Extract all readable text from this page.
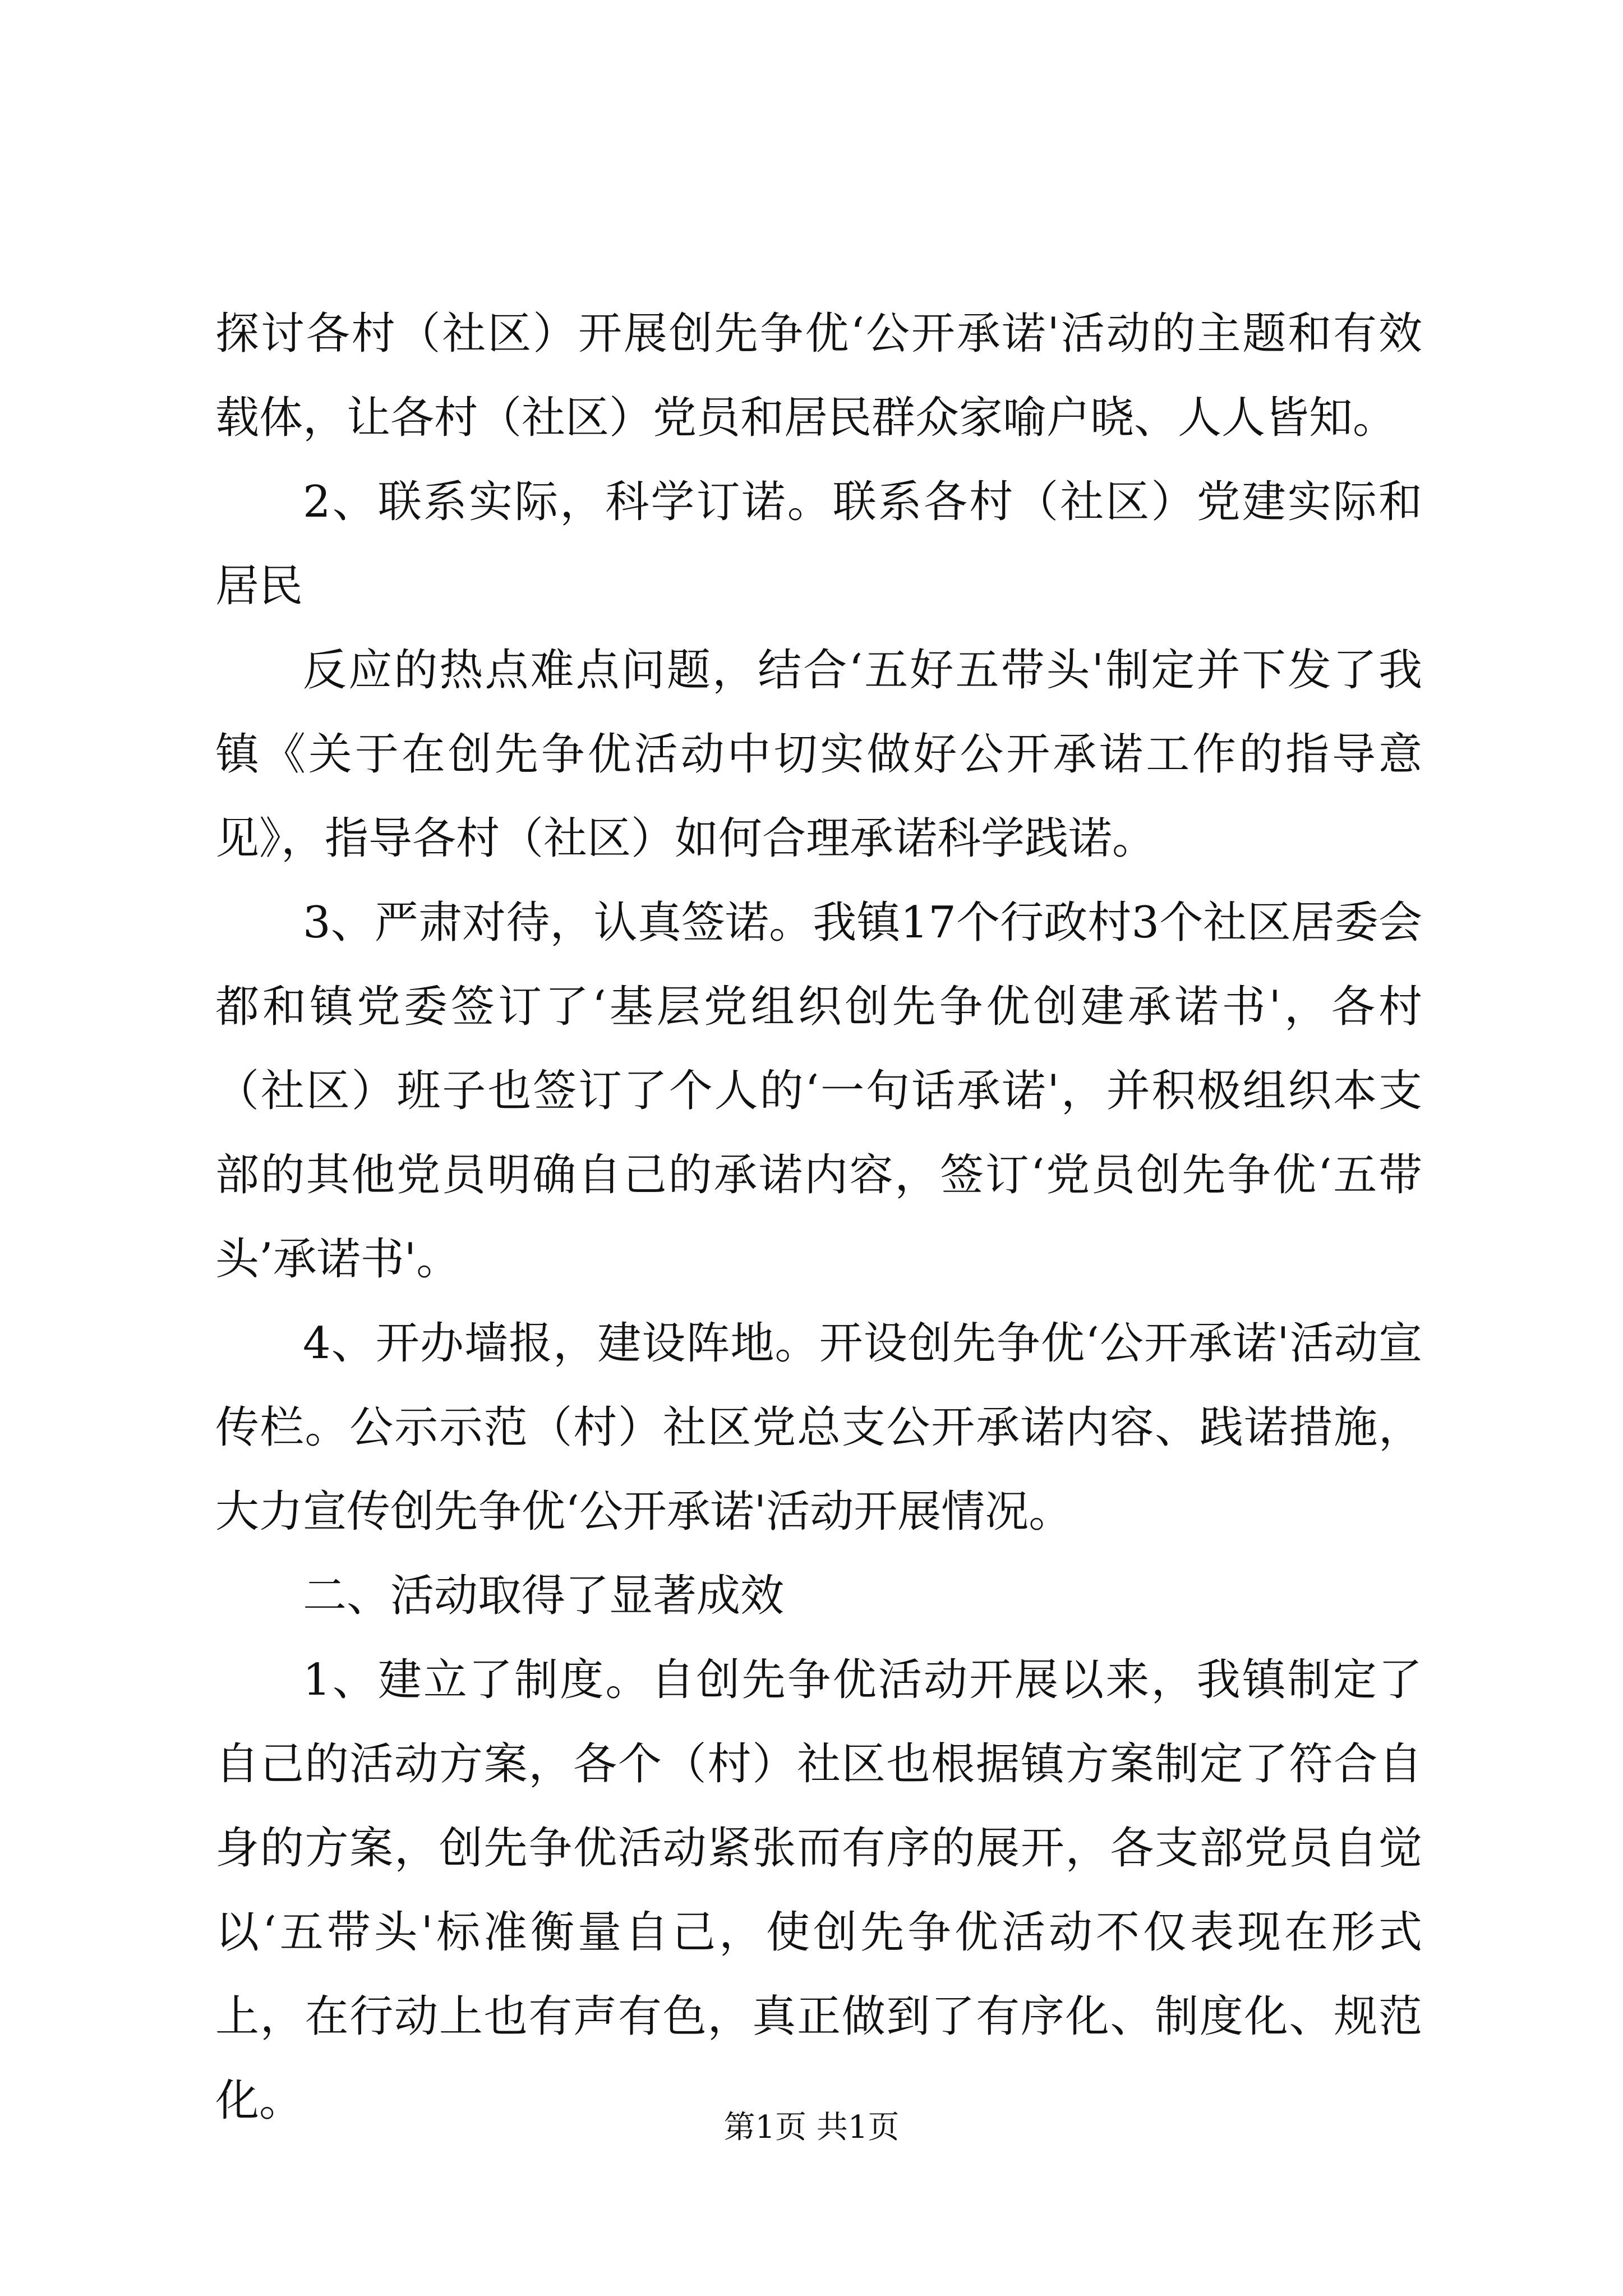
探讨各村（社区）开展创先争优‘公开承诺'活动的主题和有效载体，让各村（社区）党员和居民群众家喻户晓、人人皆知。

2、联系实际，科学订诺。联系各村（社区）党建实际和居民

反应的热点难点问题，结合‘五好五带头'制定并下发了我镇《关于在创先争优活动中切实做好公开承诺工作的指导意见》，指导各村（社区）如何合理承诺科学践诺。

3、严肃对待，认真签诺。我镇17个行政村3个社区居委会都和镇党委签订了‘基层党组织创先争优创建承诺书'，各村（社区）班子也签订了个人的‘一句话承诺'，并积极组织本支部的其他党员明确自己的承诺内容，签订‘党员创先争优‘五带头’承诺书'。

4、开办墙报，建设阵地。开设创先争优‘公开承诺'活动宣传栏。公示示范（村）社区党总支公开承诺内容、践诺措施，大力宣传创先争优‘公开承诺'活动开展情况。

二、活动取得了显著成效

1、建立了制度。自创先争优活动开展以来，我镇制定了自己的活动方案，各个（村）社区也根据镇方案制定了符合自身的方案，创先争优活动紧张而有序的展开，各支部党员自觉以‘五带头'标准衡量自己，使创先争优活动不仅表现在形式上，在行动上也有声有色，真正做到了有序化、制度化、规范化。

第1页 共1页
